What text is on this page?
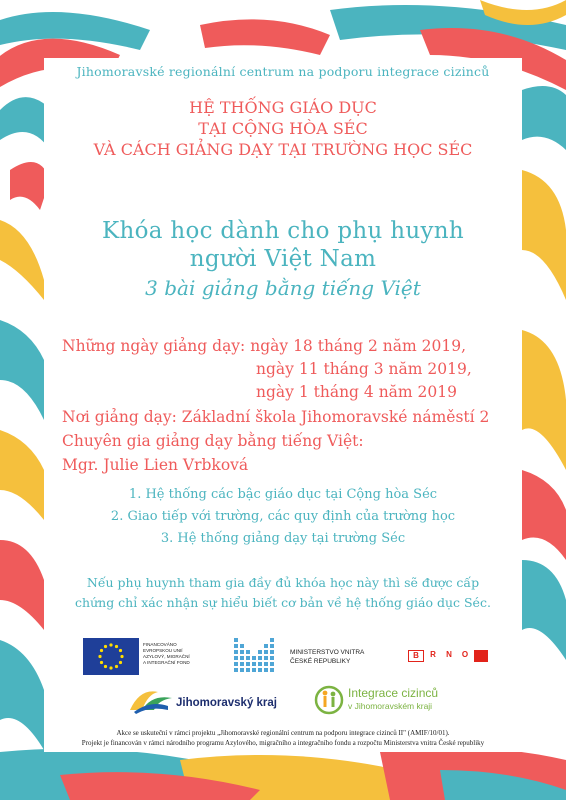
Jihomoravské regionální centrum na podporu integrace cizinců
HỆ THỐNG GIÁO DỤC
TẠI CỘNG HÒA SÉC
VÀ CÁCH GIẢNG DẠY TẠI TRƯỜNG HỌC SÉC
Khóa học dành cho phụ huynh
người Việt Nam
3 bài giảng bằng tiếng Việt
Những ngày giảng dạy: ngày 18 tháng 2 năm 2019,
ngày 11 tháng 3 năm 2019,
ngày 1 tháng 4 năm 2019
Nơi giảng dạy: Základní škola Jihomoravské náměstí 2
Chuyên gia giảng dạy bằng tiếng Việt:
Mgr. Julie Lien Vrbková
1. Hệ thống các bậc giáo dục tại Cộng hòa Séc
2. Giao tiếp với trường, các quy định của trường học
3. Hệ thống giảng dạy tại trường Séc
Nếu phụ huynh tham gia đầy đủ khóa học này thì sẽ được cấp
chứng chỉ xác nhận sự hiểu biết cơ bản về hệ thống giáo dục Séc.
FINANCOVÁNO
EVROPSKOU UNIÍ
AZYLOVÝ, MIGRAČNÍ
A INTEGRAČNÍ FOND
MINISTERSTVO VNITRA
ČESKÉ REPUBLIKY
B	R	N	O
Jihomoravský kraj
Integrace cizinců
v Jihomoravském kraji
Akce se uskuteční v rámci projektu „Jihomoravské regionální centrum na podporu integrace cizinců II" (AMIF/10/01).
Projekt je financován v rámci národního programu Azylového, migračního a integračního fondu a rozpočtu Ministerstva vnitra České republiky
